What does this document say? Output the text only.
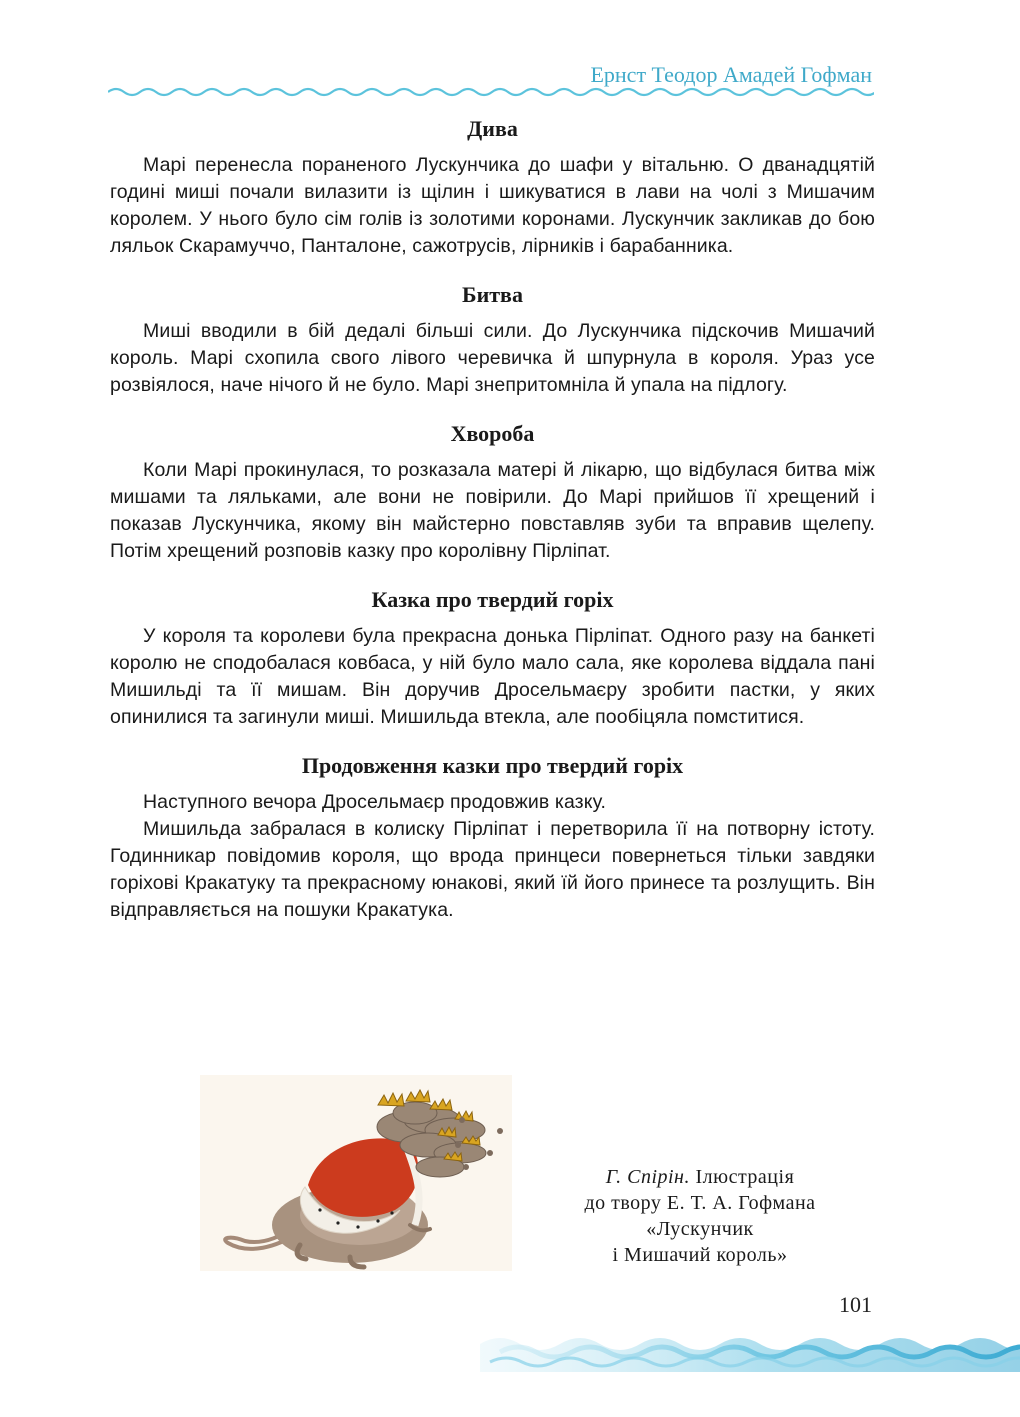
Ернст Теодор Амадей Гофман
Дива

Марі перенесла пораненого Лускунчика до шафи у вітальню. О дванадцятій годині миші почали вилазити із щілин і шикуватися в лави на чолі з Мишачим королем. У нього було сім голів із золотими коронами. Лускунчик закликав до бою ляльок Скарамуччо, Панталоне, сажотрусів, лірників і барабанника.

Битва

Миші вводили в бій дедалі більші сили. До Лускунчика підскочив Мишачий король. Марі схопила свого лівого черевичка й шпурнула в короля. Ураз усе розвіялося, наче нічого й не було. Марі знепритомніла й упала на підлогу.

Хвороба

Коли Марі прокинулася, то розказала матері й лікарю, що відбулася битва між мишами та ляльками, але вони не повірили. До Марі прийшов її хрещений і показав Лускунчика, якому він майстерно повставляв зуби та вправив щелепу. Потім хрещений розповів казку про королівну Пірліпат.

Казка про твердий горіх

У короля та королеви була прекрасна донька Пірліпат. Одного разу на банкеті королю не сподобалася ковбаса, у ній було мало сала, яке королева віддала пані Мишильді та її мишам. Він доручив Дросельмаєру зробити пастки, у яких опинилися та загинули миші. Мишильда втекла, але пообіцяла помститися.

Продовження казки про твердий горіх

Наступного вечора Дросельмаєр продовжив казку.

Мишильда забралася в колиску Пірліпат і перетворила її на потворну істоту. Годинникар повідомив короля, що врода принцеси повернеться тільки завдяки горіхові Кракатуку та прекрасному юнакові, який їй його принесе та розлущить. Він відправляється на пошуки Кракатука.

Г. Спірін. Ілюстрація
до твору Е. Т. А. Гофмана
«Лускунчик
і Мишачий король»
101
